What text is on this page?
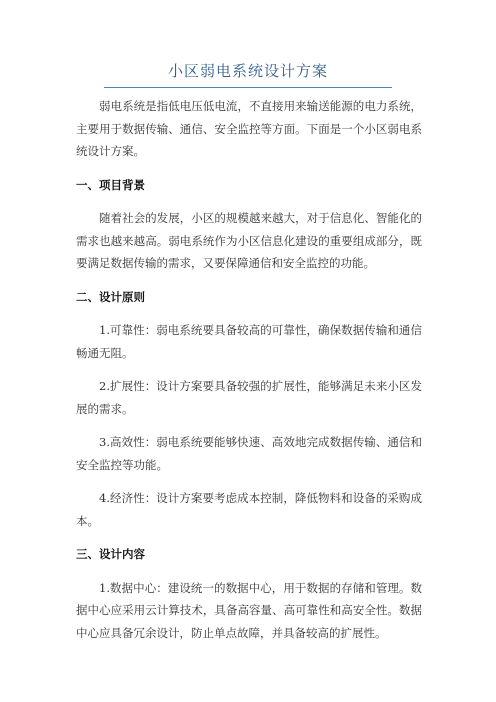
小区弱电系统设计方案

弱电系统是指低电压低电流，不直接用来输送能源的电力系统，主要用于数据传输、通信、安全监控等方面。下面是一个小区弱电系统设计方案。

一、项目背景

随着社会的发展，小区的规模越来越大，对于信息化、智能化的需求也越来越高。弱电系统作为小区信息化建设的重要组成部分，既要满足数据传输的需求，又要保障通信和安全监控的功能。

二、设计原则

1.可靠性：弱电系统要具备较高的可靠性，确保数据传输和通信畅通无阻。

2.扩展性：设计方案要具备较强的扩展性，能够满足未来小区发展的需求。

3.高效性：弱电系统要能够快速、高效地完成数据传输、通信和安全监控等功能。

4.经济性：设计方案要考虑成本控制，降低物料和设备的采购成本。

三、设计内容

1.数据中心：建设统一的数据中心，用于数据的存储和管理。数据中心应采用云计算技术，具备高容量、高可靠性和高安全性。数据中心应具备冗余设计，防止单点故障，并具备较高的扩展性。
